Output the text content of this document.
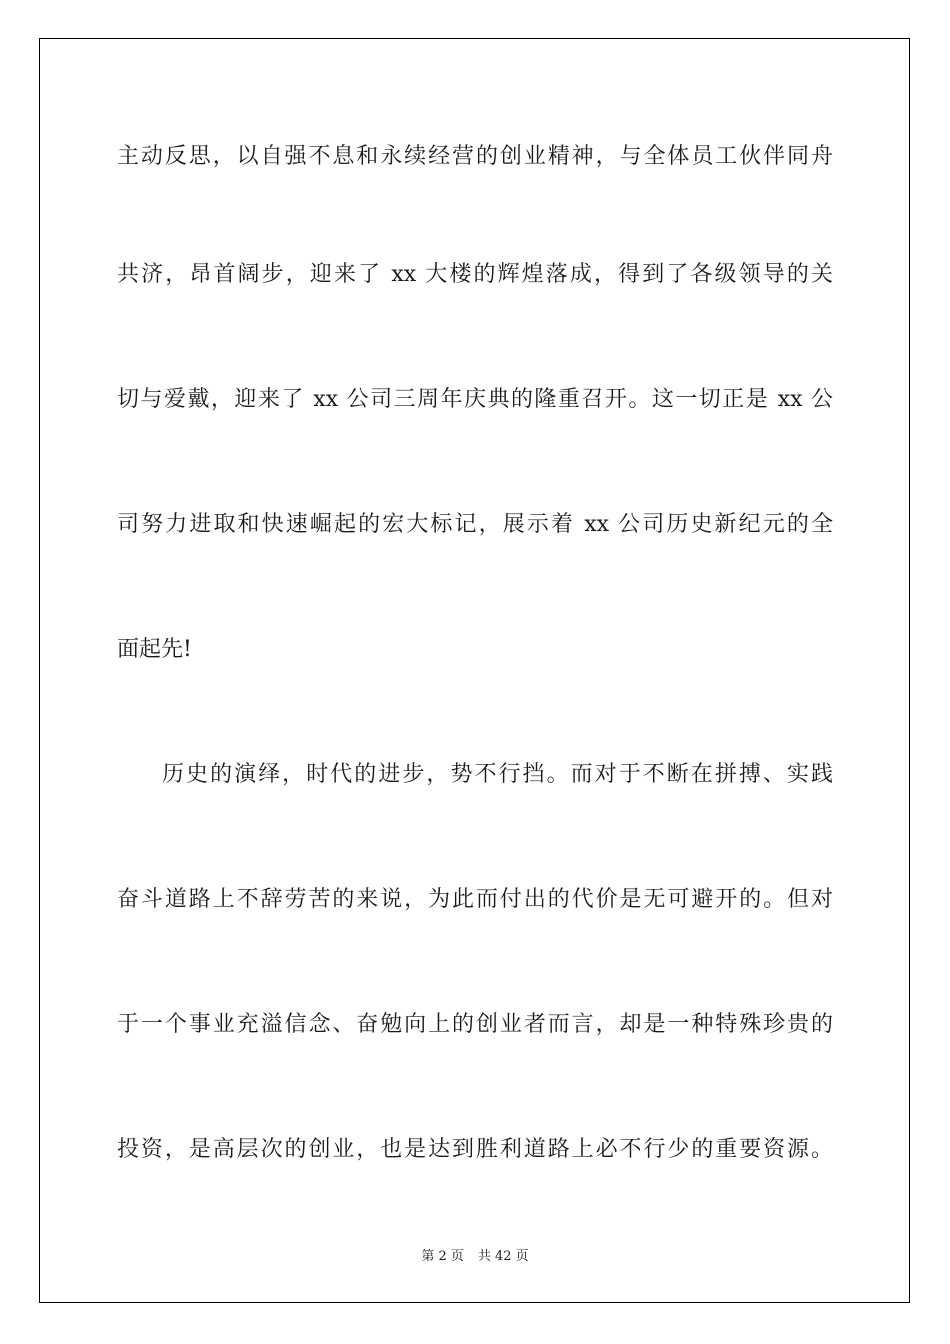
主动反思，以自强不息和永续经营的创业精神，与全体员工伙伴同舟

共济，昂首阔步，迎来了 xx 大楼的辉煌落成，得到了各级领导的关

切与爱戴，迎来了 xx 公司三周年庆典的隆重召开。这一切正是 xx 公

司努力进取和快速崛起的宏大标记，展示着 xx 公司历史新纪元的全

面起先!

历史的演绎，时代的进步，势不行挡。而对于不断在拼搏、实践

奋斗道路上不辞劳苦的来说，为此而付出的代价是无可避开的。但对

于一个事业充溢信念、奋勉向上的创业者而言，却是一种特殊珍贵的

投资，是高层次的创业，也是达到胜利道路上必不行少的重要资源。

第 2 页 共 42 页
